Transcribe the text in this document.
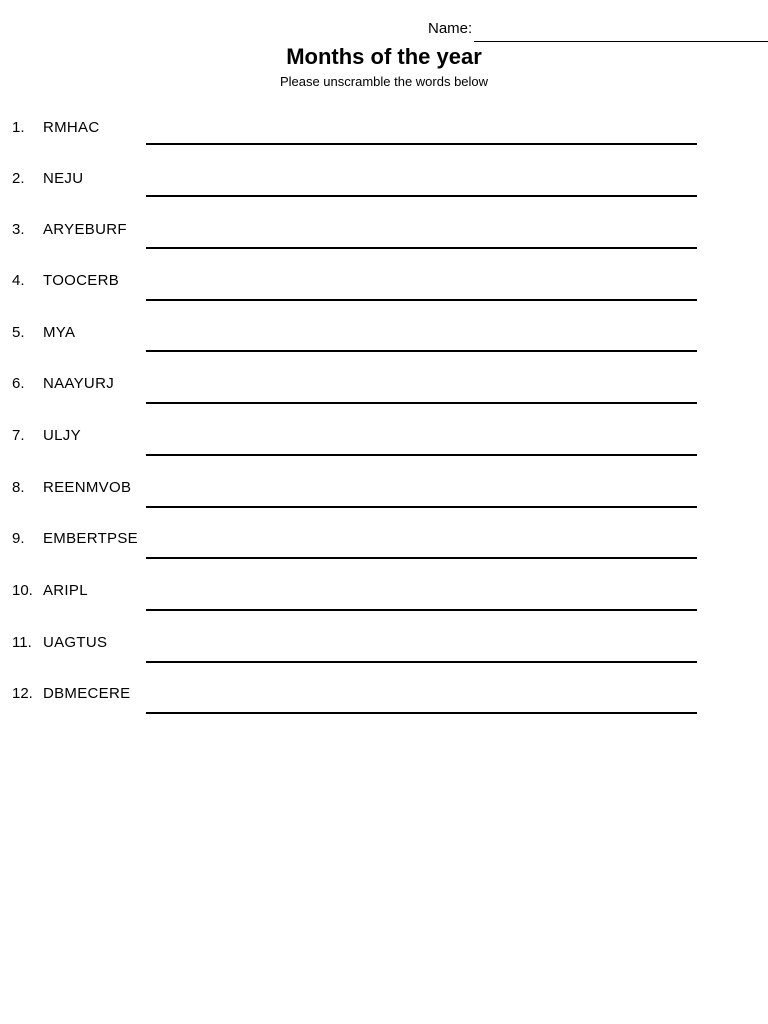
Name:
Months of the year
Please unscramble the words below
1. RMHAC
2. NEJU
3. ARYEBURF
4. TOOCERB
5. MYA
6. NAAYURJ
7. ULJY
8. REENMVOB
9. EMBERTPSE
10. ARIPL
11. UAGTUS
12. DBMECERE
